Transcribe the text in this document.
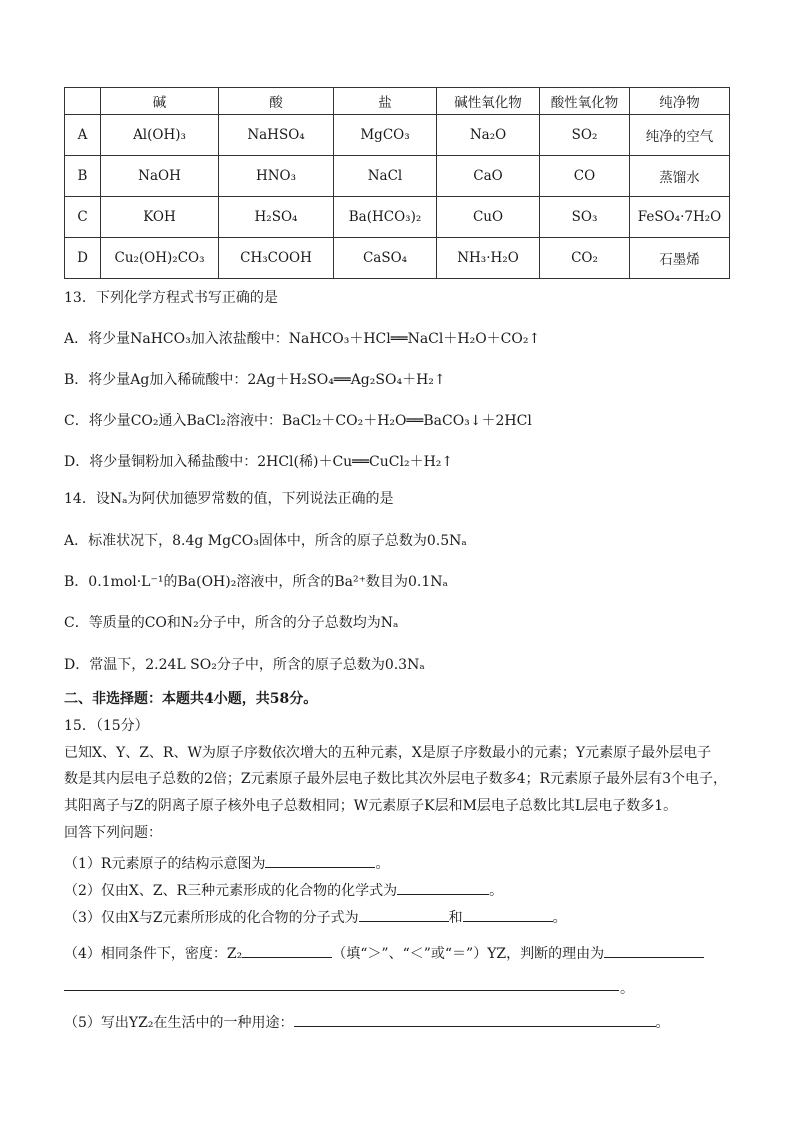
	碱	酸	盐	碱性氧化物	酸性氧化物	纯净物
A	Al(OH)₃	NaHSO₄	MgCO₃	Na₂O	SO₂	纯净的空气
B	NaOH	HNO₃	NaCl	CaO	CO	蒸馏水
C	KOH	H₂SO₄	Ba(HCO₃)₂	CuO	SO₃	FeSO₄·7H₂O
D	Cu₂(OH)₂CO₃	CH₃COOH	CaSO₄	NH₃·H₂O	CO₂	石墨烯
13．下列化学方程式书写正确的是
A．将少量NaHCO₃加入浓盐酸中：NaHCO₃＋HCl══NaCl＋H₂O＋CO₂↑
B．将少量Ag加入稀硫酸中：2Ag＋H₂SO₄══Ag₂SO₄＋H₂↑
C．将少量CO₂通入BaCl₂溶液中：BaCl₂＋CO₂＋H₂O══BaCO₃↓＋2HCl
D．将少量铜粉加入稀盐酸中：2HCl(稀)＋Cu══CuCl₂＋H₂↑
14．设Nₐ为阿伏加德罗常数的值，下列说法正确的是
A．标准状况下，8.4g MgCO₃固体中，所含的原子总数为0.5Nₐ
B．0.1mol·L⁻¹的Ba(OH)₂溶液中，所含的Ba²⁺数目为0.1Nₐ
C．等质量的CO和N₂分子中，所含的分子总数均为Nₐ
D．常温下，2.24L SO₂分子中，所含的原子总数为0.3Nₐ
二、非选择题：本题共4小题，共58分。
15．（15分）
已知X、Y、Z、R、W为原子序数依次增大的五种元素，X是原子序数最小的元素；Y元素原子最外层电子
数是其内层电子总数的2倍；Z元素原子最外层电子数比其次外层电子数多4；R元素原子最外层有3个电子，
其阳离子与Z的阴离子原子核外电子总数相同；W元素原子K层和M层电子总数比其L层电子数多1。
回答下列问题：
（1）R元素原子的结构示意图为	。
（2）仅由X、Z、R三种元素形成的化合物的化学式为	。
（3）仅由X与Z元素所形成的化合物的分子式为	和	。
（4）相同条件下，密度：Z₂	（填“＞”、“＜”或“＝”）YZ，判断的理由为
。
（5）写出YZ₂在生活中的一种用途：	。
